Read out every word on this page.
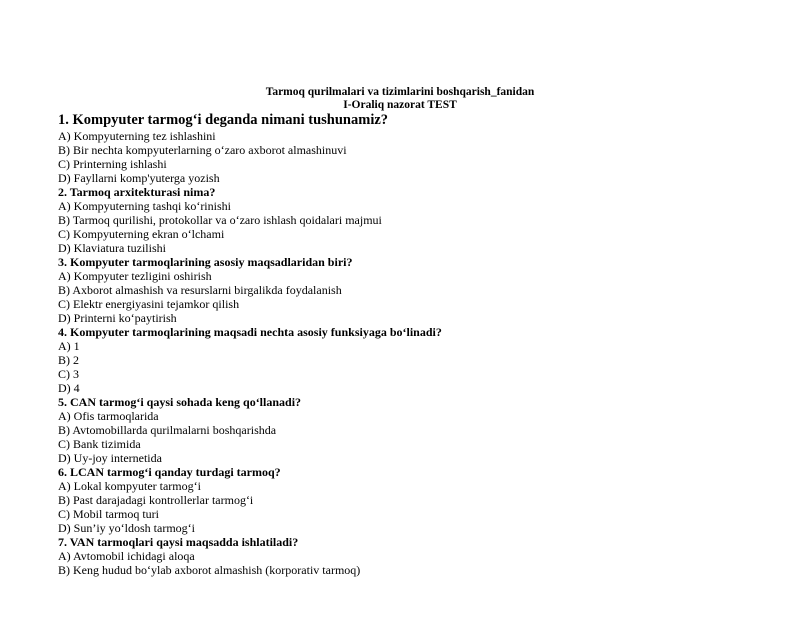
Tarmoq qurilmalari va tizimlarini boshqarish_fanidan
I-Oraliq nazorat TEST
1. Kompyuter tarmog‘i deganda nimani tushunamiz?
A) Kompyuterning tez ishlashini
B) Bir nechta kompyuterlarning o‘zaro axborot almashinuvi
C) Printerning ishlashi
D) Fayllarni komp'yuterga yozish
2. Tarmoq arxitekturasi nima?
A) Kompyuterning tashqi ko‘rinishi
B) Tarmoq qurilishi, protokollar va o‘zaro ishlash qoidalari majmui
C) Kompyuterning ekran o‘lchami
D) Klaviatura tuzilishi
3. Kompyuter tarmoqlarining asosiy maqsadlaridan biri?
A) Kompyuter tezligini oshirish
B) Axborot almashish va resurslarni birgalikda foydalanish
C) Elektr energiyasini tejamkor qilish
D) Printerni ko‘paytirish
4. Kompyuter tarmoqlarining maqsadi nechta asosiy funksiyaga bo‘linadi?
A) 1
B) 2
C) 3
D) 4
5. CAN tarmog‘i qaysi sohada keng qo‘llanadi?
A) Ofis tarmoqlarida
B) Avtomobillarda qurilmalarni boshqarishda
C) Bank tizimida
D) Uy-joy internetida
6. LCAN tarmog‘i qanday turdagi tarmoq?
A) Lokal kompyuter tarmog‘i
B) Past darajadagi kontrollerlar tarmog‘i
C) Mobil tarmoq turi
D) Sun’iy yo‘ldosh tarmog‘i
7. VAN tarmoqlari qaysi maqsadda ishlatiladi?
A) Avtomobil ichidagi aloqa
B) Keng hudud bo‘ylab axborot almashish (korporativ tarmoq)
